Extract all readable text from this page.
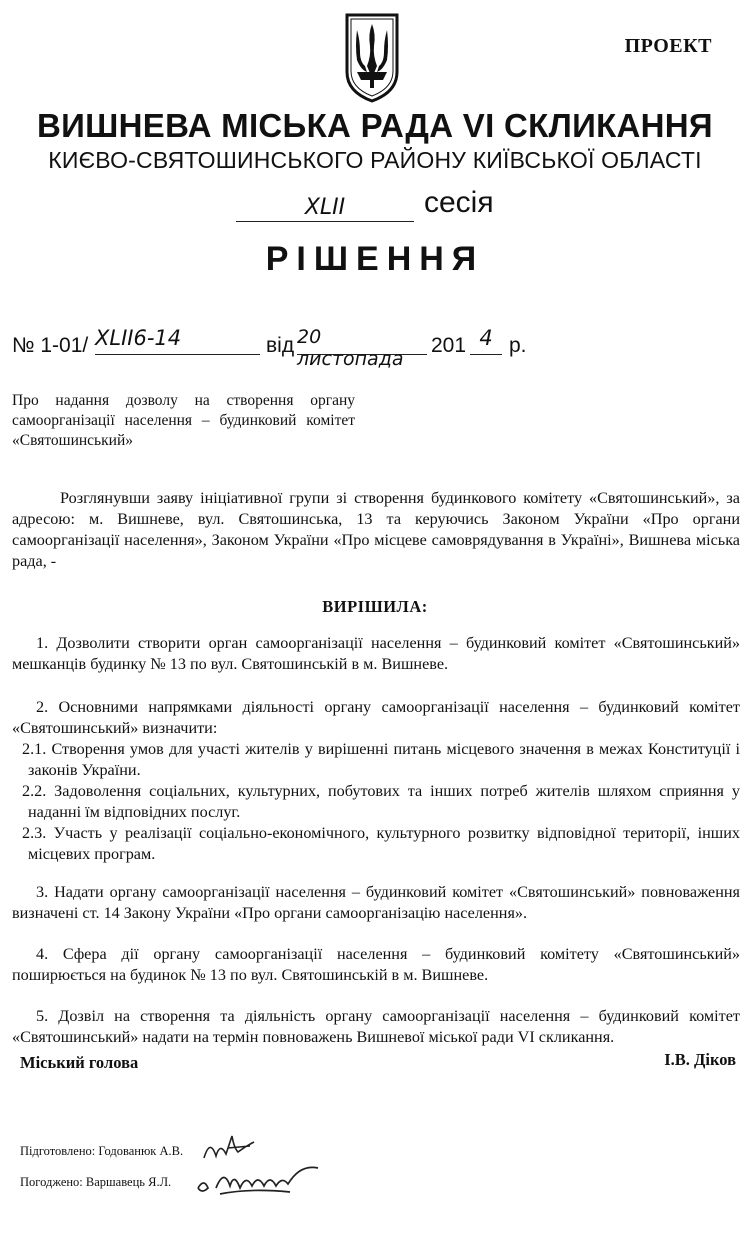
ПРОЕКТ
ВИШНЕВА МІСЬКА РАДА VI СКЛИКАННЯ
КИЄВО-СВЯТОШИНСЬКОГО РАЙОНУ КИЇВСЬКОЇ ОБЛАСТІ
XLII	сесія
РІШЕННЯ
№ 1-01/ XLII6-14	від 20 листопада
201 4 р.
Про надання дозволу на створення органу самоорганізації населення – будинковий комітет «Святошинський»
Розглянувши заяву ініціативної групи зі створення будинкового комітету «Святошинський», за адресою: м. Вишневе, вул. Святошинська, 13 та керуючись Законом України «Про органи самоорганізації населення», Законом України «Про місцеве самоврядування в Україні», Вишнева міська рада, -
ВИРІШИЛА:
1. Дозволити створити орган самоорганізації населення – будинковий комітет «Святошинський» мешканців будинку № 13 по вул. Святошинській в м. Вишневе.
2. Основними напрямками діяльності органу самоорганізації населення – будинковий комітет «Святошинський» визначити:
2.1. Створення умов для участі жителів у вирішенні питань місцевого значення в межах Конституції і законів України.
2.2. Задоволення соціальних, культурних, побутових та інших потреб жителів шляхом сприяння у наданні їм відповідних послуг.
2.3. Участь у реалізації соціально-економічного, культурного розвитку відповідної території, інших місцевих програм.
3. Надати органу самоорганізації населення – будинковий комітет «Святошинський» повноваження визначені ст. 14 Закону України «Про органи самоорганізацію населення».
4. Сфера дії органу самоорганізації населення – будинковий комітету «Святошинський» поширюється на будинок № 13 по вул. Святошинській в м. Вишневе.
5. Дозвіл на створення та діяльність органу самоорганізації населення – будинковий комітет «Святошинський» надати на термін повноважень Вишневої міської ради VI скликання.
Міський голова	І.В. Діков
Підготовлено: Годованюк А.В.
Погоджено: Варшавець Я.Л.
